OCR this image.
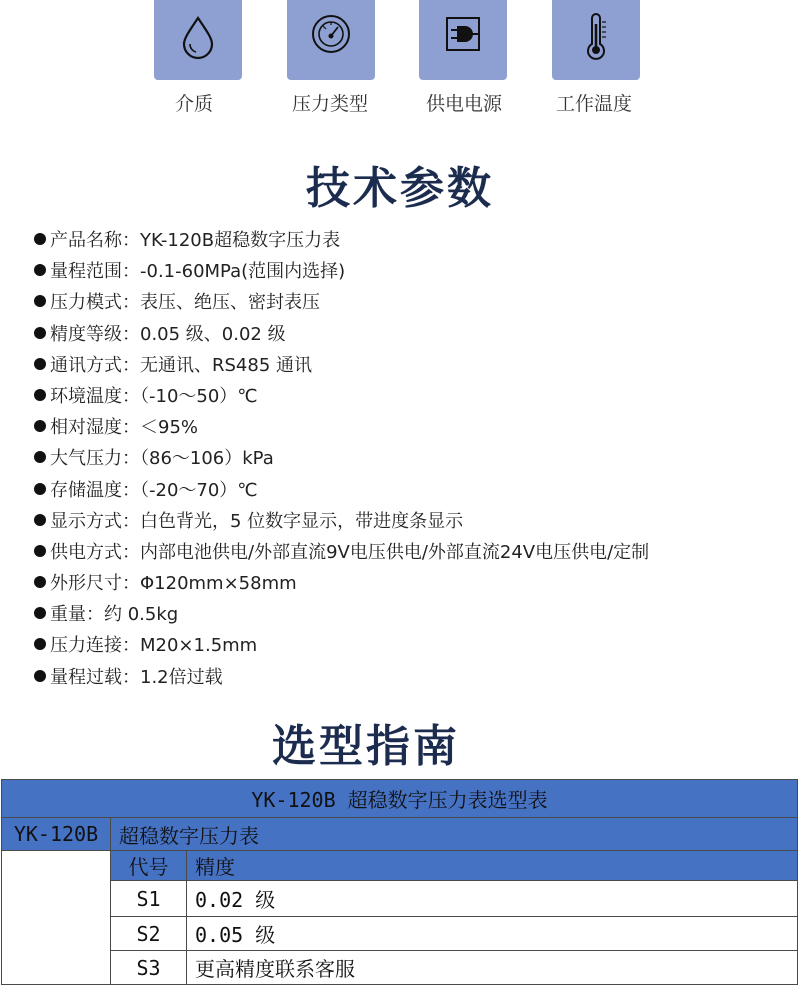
介质	压力类型	供电电源	工作温度
技术参数
产品名称：YK-120B超稳数字压力表
量程范围：-0.1-60MPa(范围内选择)
压力模式：表压、绝压、密封表压
精度等级：0.05 级、0.02 级
通讯方式：无通讯、RS485 通讯
环境温度：（-10～50）℃
相对湿度：＜95%
大气压力：（86～106）kPa
存储温度：（-20～70）℃
显示方式：白色背光，5 位数字显示，带进度条显示
供电方式：内部电池供电/外部直流9V电压供电/外部直流24V电压供电/定制
外形尺寸：Φ120mm×58mm
重量：约 0.5kg
压力连接：M20×1.5mm
量程过载：1.2倍过载
选型指南
YK-120B 超稳数字压力表选型表		
YK-120B	超稳数字压力表	
	代号	精度
	S1	0.02 级
	S2	0.05 级
	S3	更高精度联系客服
